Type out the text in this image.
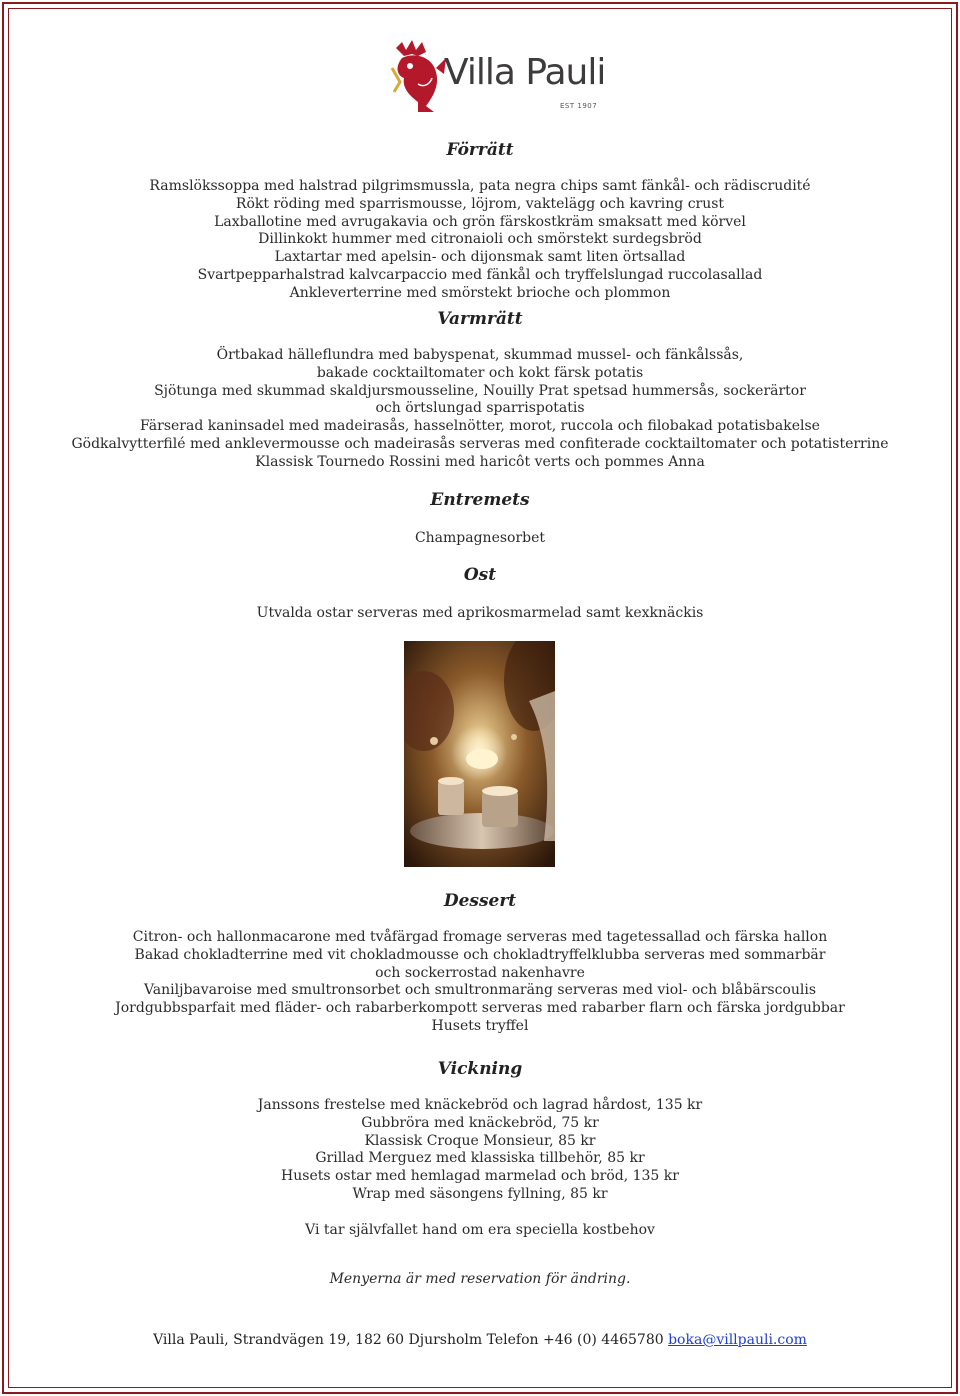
Villa Pauli
EST 1907
Förrätt
Ramslökssoppa med halstrad pilgrimsmussla, pata negra chips samt fänkål- och rädiscrudité
Rökt röding med sparrismousse, löjrom, vaktelägg och kavring crust
Laxballotine med avrugakavia och grön färskostkräm smaksatt med körvel
Dillinkokt hummer med citronaioli och smörstekt surdegsbröd
Laxtartar med apelsin- och dijonsmak samt liten örtsallad
Svartpepparhalstrad kalvcarpaccio med fänkål och tryffelslungad ruccolasallad
Ankleverterrine med smörstekt brioche och plommon
Varmrätt
Örtbakad hälleflundra med babyspenat, skummad mussel- och fänkålssås,
bakade cocktailtomater och kokt färsk potatis
Sjötunga med skummad skaldjursmousseline, Nouilly Prat spetsad hummersås, sockerärtor
och örtslungad sparrispotatis
Färserad kaninsadel med madeirasås, hasselnötter, morot, ruccola och filobakad potatisbakelse
Gödkalvytterfilé med anklevermousse och madeirasås serveras med confiterade cocktailtomater och potatisterrine
Klassisk Tournedo Rossini med haricôt verts och pommes Anna
Entremets
Champagnesorbet
Ost
Utvalda ostar serveras med aprikosmarmelad samt kexknäckis
Dessert
Citron- och hallonmacarone med tvåfärgad fromage serveras med tagetessallad och färska hallon
Bakad chokladterrine med vit chokladmousse och chokladtryffelklubba serveras med sommarbär
och sockerrostad nakenhavre
Vaniljbavaroise med smultronsorbet och smultronmaräng serveras med viol- och blåbärscoulis
Jordgubbsparfait med fläder- och rabarberkompott serveras med rabarber flarn och färska jordgubbar
Husets tryffel
Vickning
Janssons frestelse med knäckebröd och lagrad hårdost, 135 kr
Gubbröra med knäckebröd, 75 kr
Klassisk Croque Monsieur, 85 kr
Grillad Merguez med klassiska tillbehör, 85 kr
Husets ostar med hemlagad marmelad och bröd, 135 kr
Wrap med säsongens fyllning, 85 kr
Vi tar självfallet hand om era speciella kostbehov
Menyerna är med reservation för ändring.
Villa Pauli, Strandvägen 19, 182 60 Djursholm Telefon +46 (0) 4465780 boka@villpauli.com
